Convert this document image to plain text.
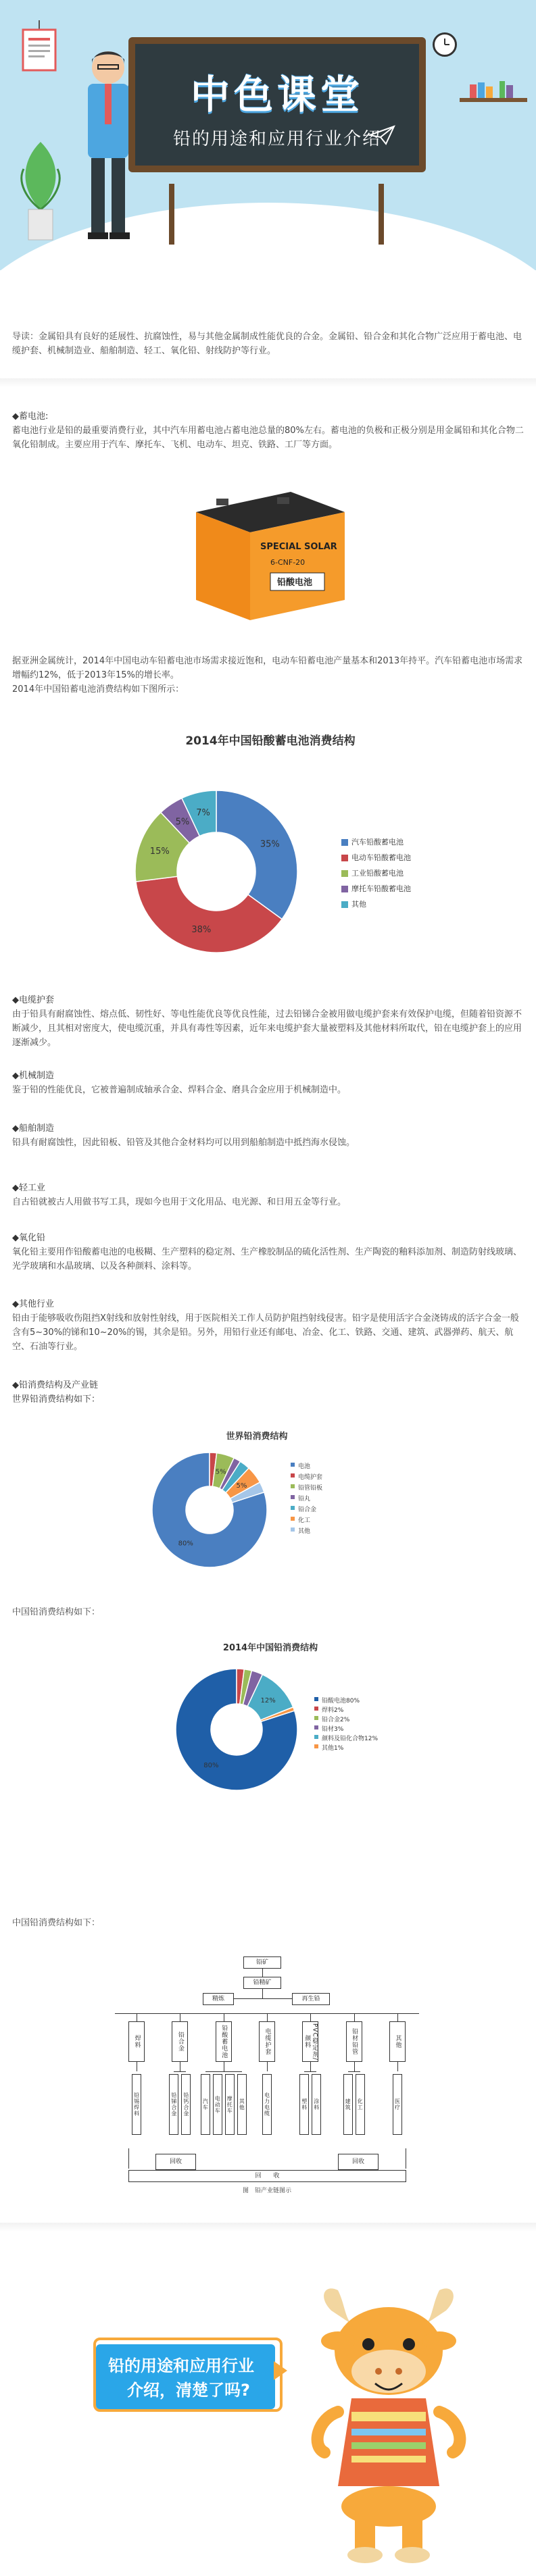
中色课堂
铅的用途和应用行业介绍
导读：金属铅具有良好的延展性、抗腐蚀性，易与其他金属制成性能优良的合金。金属铅、铅合金和其化合物广泛应用于蓄电池、电缆护套、机械制造业、船舶制造、轻工、氧化铅、射线防护等行业。
◆蓄电池:
蓄电池行业是铅的最重要消费行业，其中汽车用蓄电池占蓄电池总量的80%左右。蓄电池的负极和正极分别是用金属铅和其化合物二氧化铅制成。主要应用于汽车、摩托车、飞机、电动车、坦克、铁路、工厂等方面。
SPECIAL SOLAR
6-CNF-20
铅酸电池
据亚洲金属统计，2014年中国电动车铅蓄电池市场需求接近饱和，电动车铅蓄电池产量基本和2013年持平。汽车铅蓄电池市场需求增幅约12%，低于2013年15%的增长率。
2014年中国铅蓄电池消费结构如下图所示：
2014年中国铅酸蓄电池消费结构
35%
38%
15%
5%
7%
汽车铅酸蓄电池
电动车铅酸蓄电池
工业铅酸蓄电池
摩托车铅酸蓄电池
其他
◆电缆护套
由于铅具有耐腐蚀性、熔点低、韧性好、等电性能优良等优良性能，过去铅锑合金被用做电缆护套来有效保护电缆，但随着铅资源不断减少，且其相对密度大，使电缆沉重，并具有毒性等因素，近年来电缆护套大量被塑料及其他材料所取代，铅在电缆护套上的应用逐渐减少。
◆机械制造
鉴于铅的性能优良，它被普遍制成轴承合金、焊料合金、磨具合金应用于机械制造中。
◆船舶制造
铅具有耐腐蚀性，因此铅板、铅管及其他合金材料均可以用到船舶制造中抵挡海水侵蚀。
◆轻工业
自古铅就被古人用做书写工具，现如今也用于文化用品、电光源、和日用五金等行业。
◆氧化铅
氧化铅主要用作铅酸蓄电池的电极糊、生产塑料的稳定剂、生产橡胶制品的硫化活性剂、生产陶瓷的釉料添加剂、制造防射线玻璃、光学玻璃和水晶玻璃、以及各种颜料、涂料等。
◆其他行业
铅由于能够吸收伤阻挡X射线和放射性射线，用于医院相关工作人员防护阻挡射线侵害。铅字是使用活字合金浇铸成的活字合金一般含有5~30%的锑和10~20%的锡，其余是铅。另外，用铅行业还有邮电、冶金、化工、铁路、交通、建筑、武器弹药、航天、航空、石油等行业。
◆铅消费结构及产业链
世界铅消费结构如下：
世界铅消费结构
80%
5%
5%
电池
电缆护套
铅管铅板
铅丸
铅合金
化工
其他
中国铅消费结构如下：
2014年中国铅消费结构
80%
12%	铅酸电池80%
焊料2%
铅合金2%
铅材3%
颜料及铅化合物12%
其他1%
中国铅消费结构如下：
铅矿
铅精矿
精炼	再生铅
焊料
铅锡焊料
铅合金
铅锑合金	铅钙合金
铅酸蓄电池
汽车	电动车	摩托车	其他
电缆护套
电力电缆
PVC稳定剂/颜料
塑料	涂料
铅材铅管
建筑	化工
其他
医疗
回收	回收
回　　收
图　铅产业链图示
铅的用途和应用行业
介绍，清楚了吗?
